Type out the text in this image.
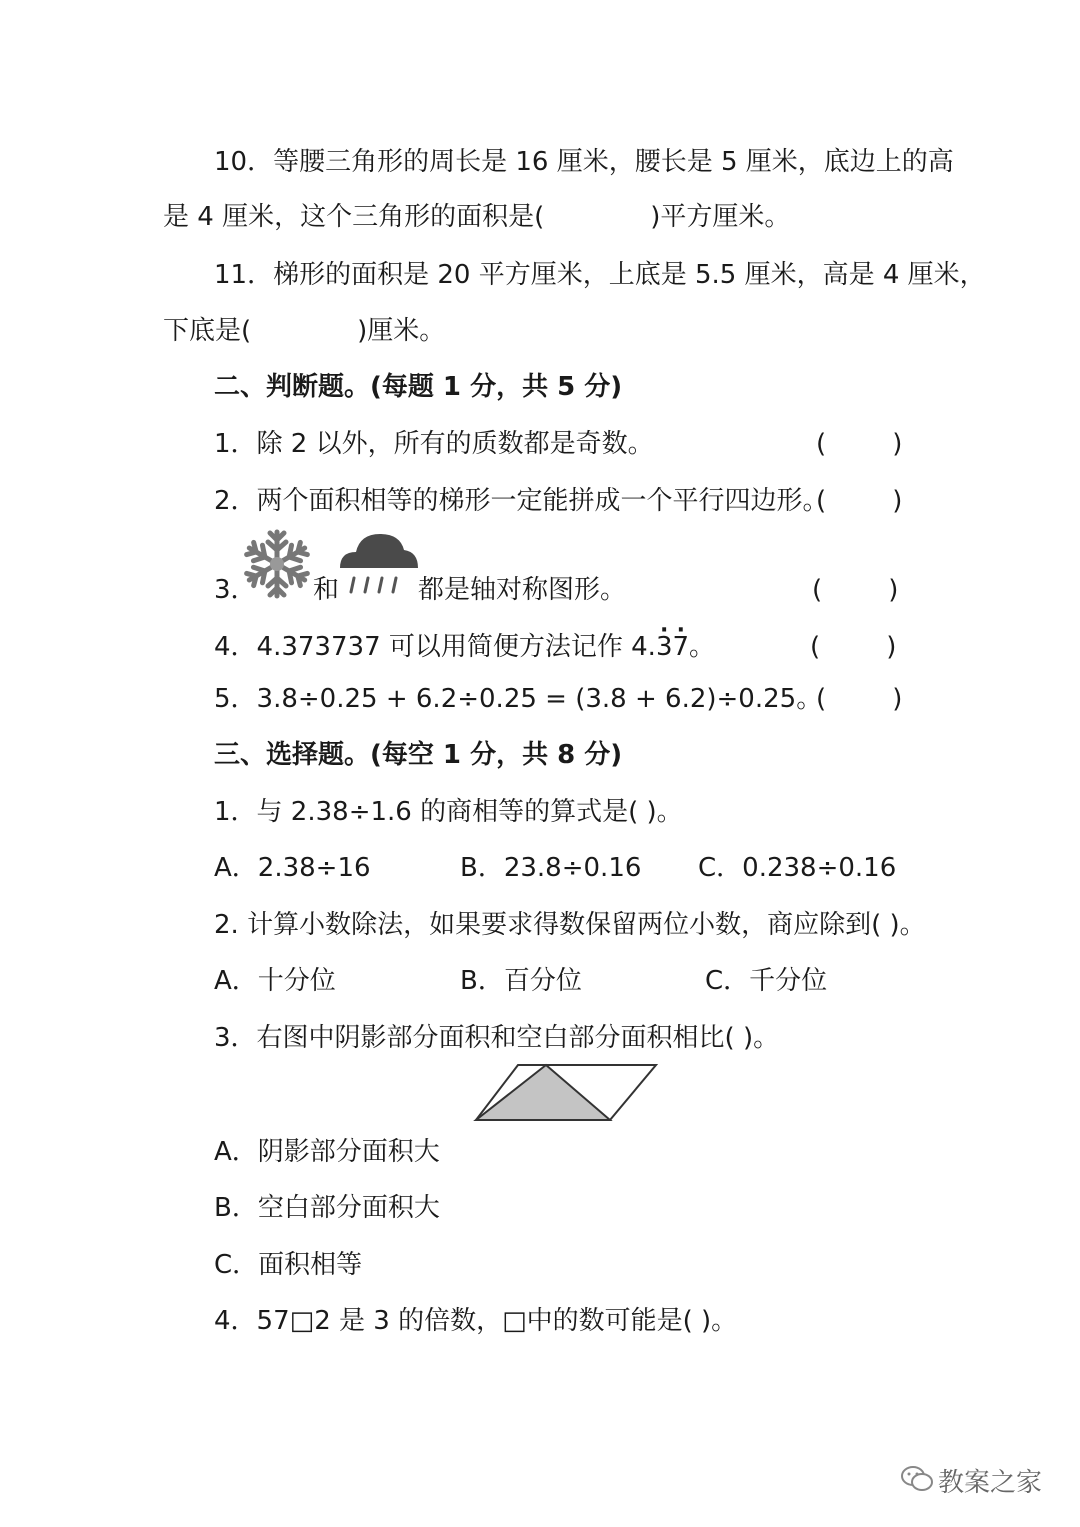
10．等腰三角形的周长是 16 厘米，腰长是 5 厘米，底边上的高
是 4 厘米，这个三角形的面积是(	)平方厘米。
11．梯形的面积是 20 平方厘米，上底是 5.5 厘米，高是 4 厘米，
下底是(	)厘米。
二、判断题。(每题 1 分，共 5 分)
1．除 2 以外，所有的质数都是奇数。	(        )
2．两个面积相等的梯形一定能拼成一个平行四边形。
(        )
3． 和	都是轴对称图形。	(        )
4．4.373737 可以用简便方法记作 4.· 3· 7。	(        )
5．3.8÷0.25 + 6.2÷0.25 = (3.8 + 6.2)÷0.25。
(        )
三、选择题。(每空 1 分，共 8 分)
1．与 2.38÷1.6 的商相等的算式是( )。
A．2.38÷16	B．23.8÷0.16 C．0.238÷0.16
2. 计算小数除法，如果要求得数保留两位小数，商应除到( )。
A．十分位	B．百分位	C．千分位
3．右图中阴影部分面积和空白部分面积相比( )。
A．阴影部分面积大
B．空白部分面积大
C．面积相等
4．57□2 是 3 的倍数，□中的数可能是( )。
教案之家
